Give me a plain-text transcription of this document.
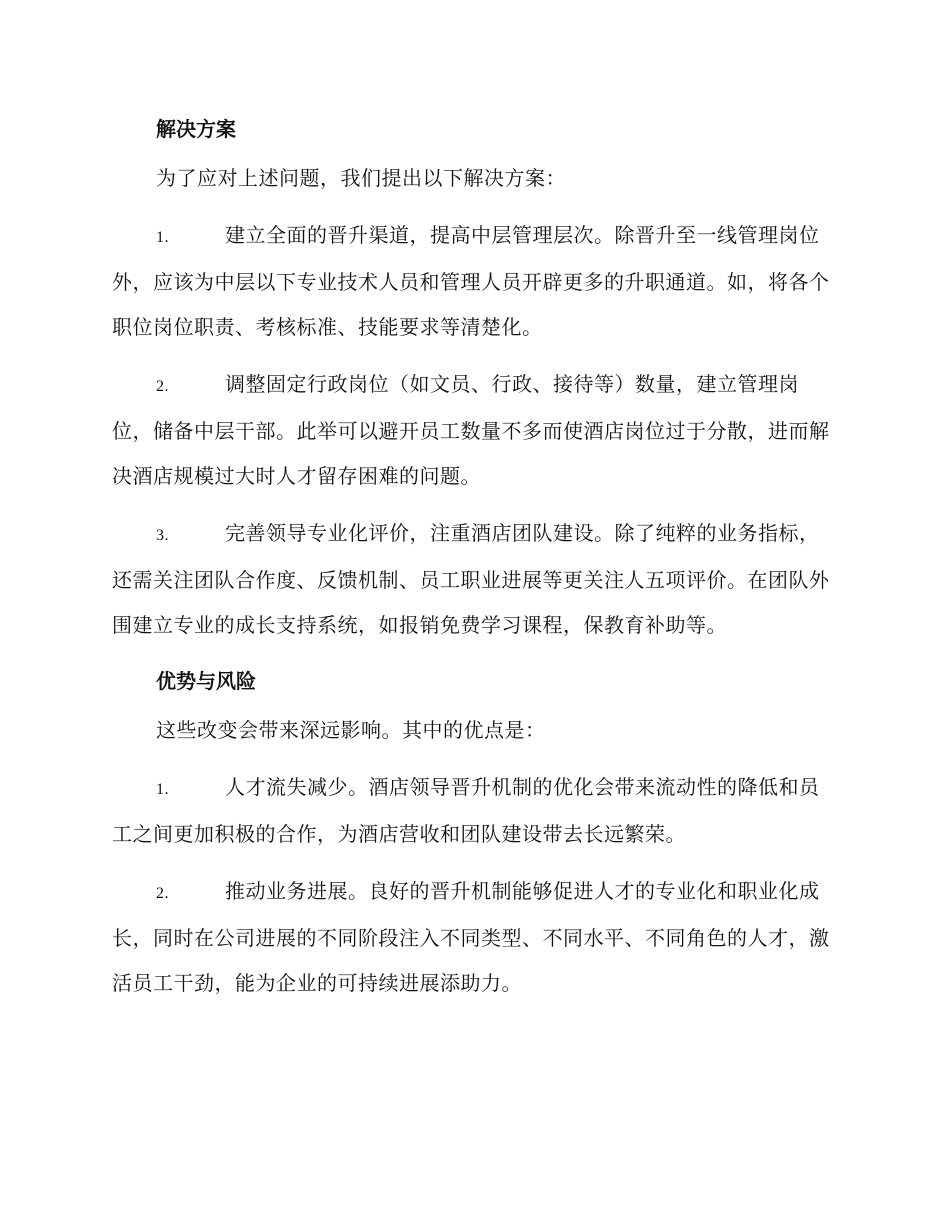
解决方案

为了应对上述问题，我们提出以下解决方案：

1.	建立全面的晋升渠道，提高中层管理层次。除晋升至一线管理岗位外，应该为中层以下专业技术人员和管理人员开辟更多的升职通道。如，将各个职位岗位职责、考核标准、技能要求等清楚化。

2.	调整固定行政岗位（如文员、行政、接待等）数量，建立管理岗位，储备中层干部。此举可以避开员工数量不多而使酒店岗位过于分散，进而解决酒店规模过大时人才留存困难的问题。

3.	完善领导专业化评价，注重酒店团队建设。除了纯粹的业务指标，还需关注团队合作度、反馈机制、员工职业进展等更关注人五项评价。在团队外围建立专业的成长支持系统，如报销免费学习课程，保教育补助等。

优势与风险

这些改变会带来深远影响。其中的优点是：

1.	人才流失减少。酒店领导晋升机制的优化会带来流动性的降低和员工之间更加积极的合作，为酒店营收和团队建设带去长远繁荣。

2.	推动业务进展。良好的晋升机制能够促进人才的专业化和职业化成长，同时在公司进展的不同阶段注入不同类型、不同水平、不同角色的人才，激活员工干劲，能为企业的可持续进展添助力。
